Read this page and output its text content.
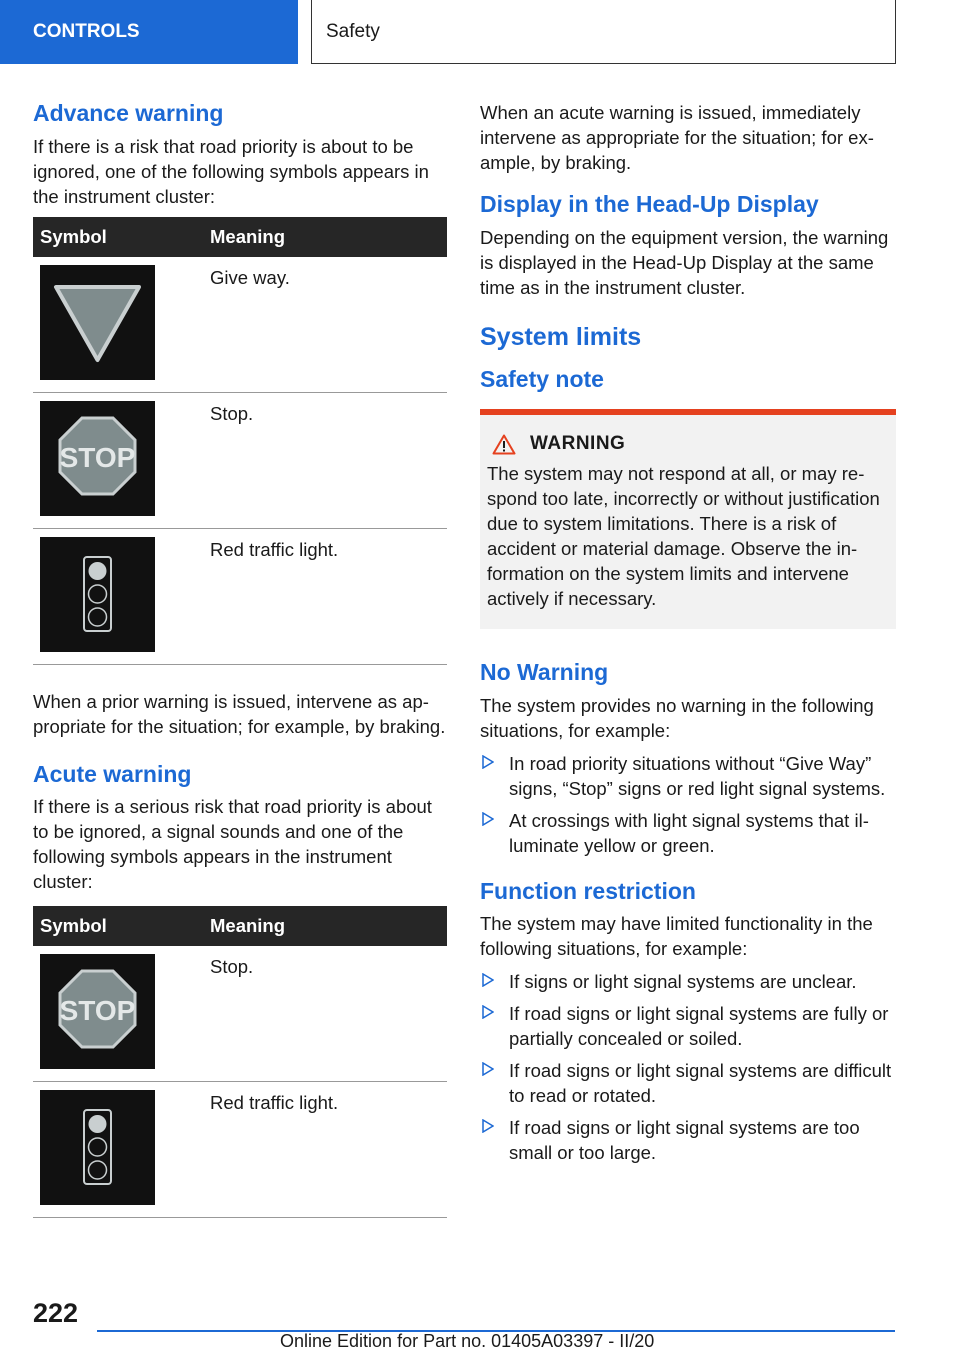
CONTROLS	Safety
Advance warning

If there is a risk that road priority is about to be ignored, one of the following symbols appears in the instrument cluster:

Symbol	Meaning

	Give way.

STOP	Stop.

	Red traffic light.

When a prior warning is issued, intervene as appropriate for the situation; for example, by braking.

Acute warning

If there is a serious risk that road priority is about to be ignored, a signal sounds and one of the following symbols appears in the instrument cluster:

Symbol	Meaning

STOP	Stop.

	Red traffic light.

When an acute warning is issued, immediately intervene as appropriate for the situation; for example, by braking.

Display in the Head-Up Display

Depending on the equipment version, the warning is displayed in the Head-Up Display at the same time as in the instrument cluster.

System limits
Safety note
WARNING

The system may not respond at all, or may respond too late, incorrectly or without justification due to system limitations. There is a risk of accident or material damage. Observe the information on the system limits and intervene actively if necessary.

No Warning

The system provides no warning in the following situations, for example:

In road priority situations without “Give Way” signs, “Stop” signs or red light signal systems.
At crossings with light signal systems that illuminate yellow or green.
Function restriction

The system may have limited functionality in the following situations, for example:

If signs or light signal systems are unclear.
If road signs or light signal systems are fully or partially concealed or soiled.
If road signs or light signal systems are difficult to read or rotated.
If road signs or light signal systems are too small or too large.
222
Online Edition for Part no. 01405A03397 - II/20
